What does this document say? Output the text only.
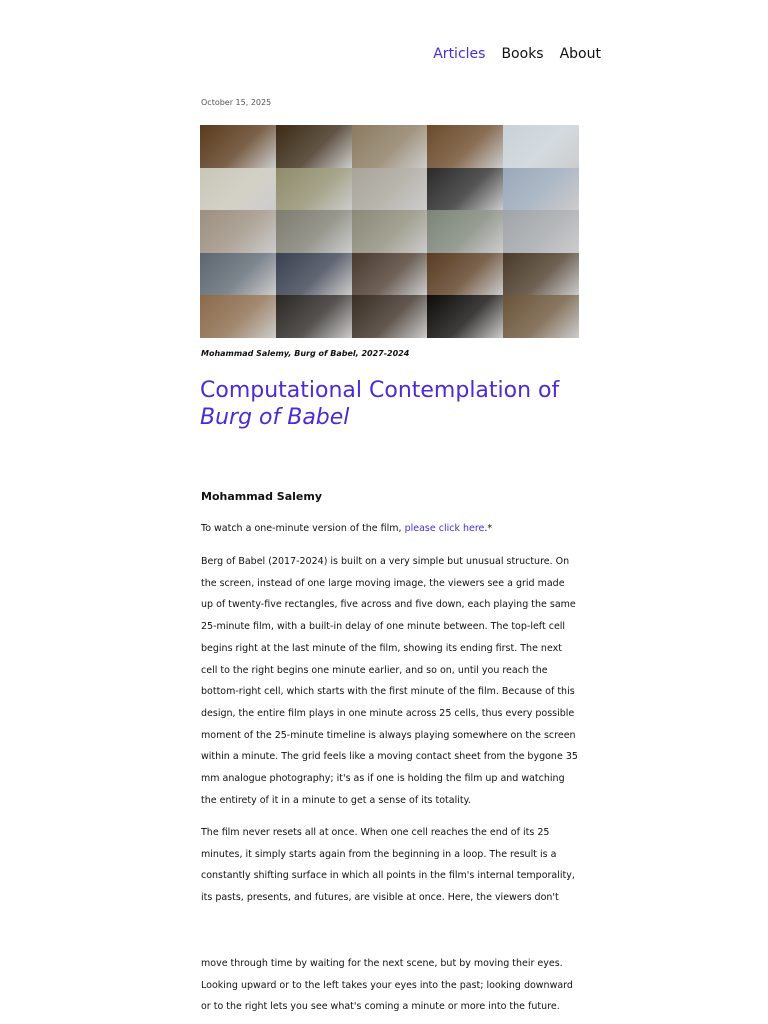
Articles Books About
October 15, 2025
Mohammad Salemy, Burg of Babel, 2027-2024
Computational Contemplation of
Burg of Babel
Mohammad Salemy

To watch a one-minute version of the film, please click here.*

Berg of Babel (2017-2024) is built on a very simple but unusual structure. On the screen, instead of one large moving image, the viewers see a grid made up of twenty-five rectangles, five across and five down, each playing the same 25-minute film, with a built-in delay of one minute between. The top-left cell begins right at the last minute of the film, showing its ending first. The next cell to the right begins one minute earlier, and so on, until you reach the bottom-right cell, which starts with the first minute of the film. Because of this design, the entire film plays in one minute across 25 cells, thus every possible moment of the 25-minute timeline is always playing somewhere on the screen within a minute. The grid feels like a moving contact sheet from the bygone 35 mm analogue photography; it's as if one is holding the film up and watching the entirety of it in a minute to get a sense of its totality.

The film never resets all at once. When one cell reaches the end of its 25 minutes, it simply starts again from the beginning in a loop. The result is a constantly shifting surface in which all points in the film's internal temporality, its pasts, presents, and futures, are visible at once. Here, the viewers don't

move through time by waiting for the next scene, but by moving their eyes. Looking upward or to the left takes your eyes into the past; looking downward or to the right lets you see what's coming a minute or more into the future.
